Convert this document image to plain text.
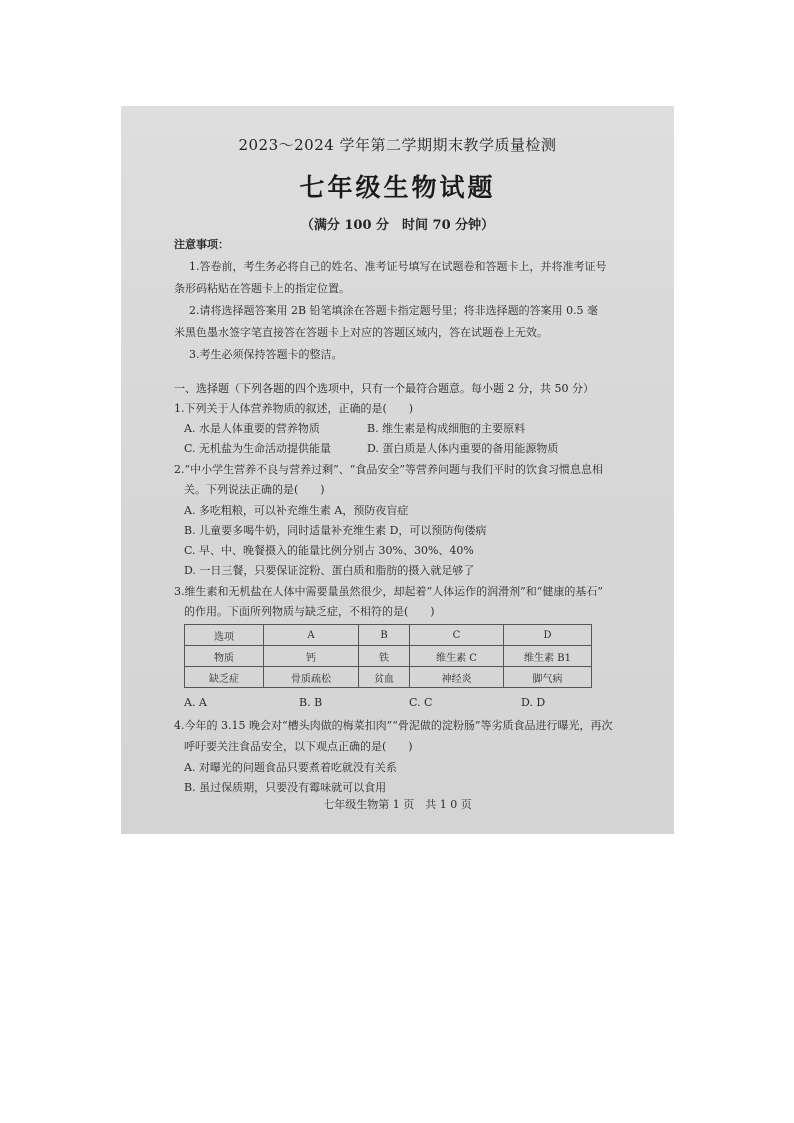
2023～2024 学年第二学期期末教学质量检测
七年级生物试题
（满分 100 分　时间 70 分钟）
注意事项：
1.答卷前，考生务必将自己的姓名、准考证号填写在试题卷和答题卡上，并将准考证号
条形码粘贴在答题卡上的指定位置。
2.请将选择题答案用 2B 铅笔填涂在答题卡指定题号里；将非选择题的答案用 0.5 毫
米黑色墨水签字笔直接答在答题卡上对应的答题区域内，答在试题卷上无效。
3.考生必须保持答题卡的整洁。
一、选择题（下列各题的四个选项中，只有一个最符合题意。每小题 2 分，共 50 分）
1.下列关于人体营养物质的叙述，正确的是(　　)
A. 水是人体重要的营养物质	B. 维生素是构成细胞的主要原料
C. 无机盐为生命活动提供能量	D. 蛋白质是人体内重要的备用能源物质
2.“中小学生营养不良与营养过剩”、“食品安全”等营养问题与我们平时的饮食习惯息息相
关。下列说法正确的是(　　)
A. 多吃粗粮，可以补充维生素 A，预防夜盲症
B. 儿童要多喝牛奶，同时适量补充维生素 D，可以预防佝偻病
C. 早、中、晚餐摄入的能量比例分别占 30%、30%、40%
D. 一日三餐，只要保证淀粉、蛋白质和脂肪的摄入就足够了
3.维生素和无机盐在人体中需要量虽然很少，却起着“人体运作的润滑剂”和“健康的基石”
的作用。下面所列物质与缺乏症，不相符的是(　　)
选项	A	B	C	D
物质	钙	铁	维生素 C	维生素 B1
缺乏症	骨质疏松	贫血	神经炎	脚气病
A. A	B. B	C. C	D. D
4.今年的 3.15 晚会对“槽头肉做的梅菜扣肉”“骨泥做的淀粉肠”等劣质食品进行曝光，再次
呼吁要关注食品安全，以下观点正确的是(　　)
A. 对曝光的问题食品只要煮着吃就没有关系
B. 虽过保质期，只要没有霉味就可以食用
七年级生物第 1 页　共 1 0 页
